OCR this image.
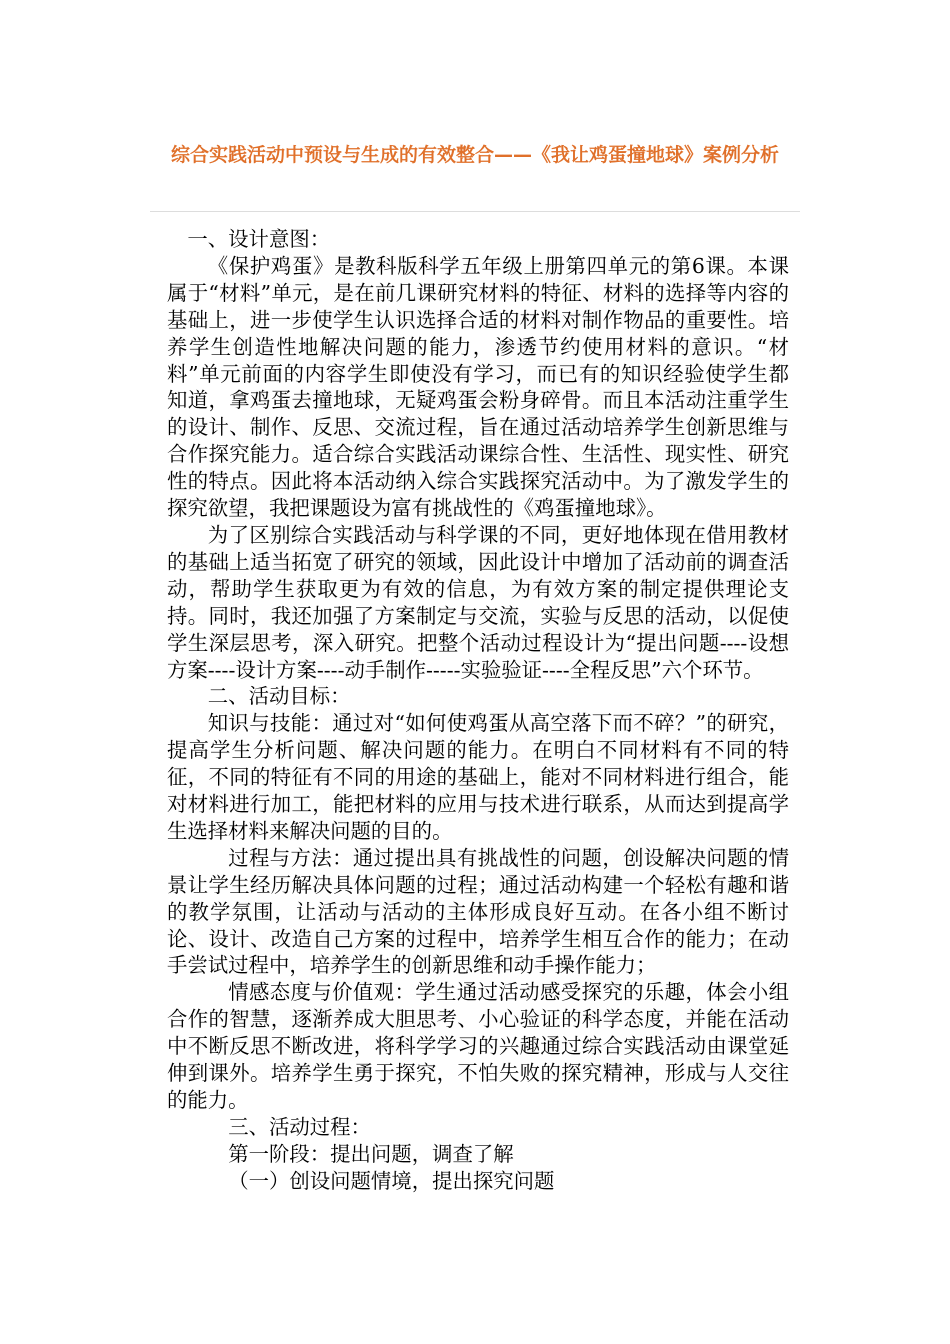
综合实践活动中预设与生成的有效整合——《我让鸡蛋撞地球》案例分析

一、设计意图：

《保护鸡蛋》是教科版科学五年级上册第四单元的第6课。本课属于“材料”单元，是在前几课研究材料的特征、材料的选择等内容的基础上，进一步使学生认识选择合适的材料对制作物品的重要性。培养学生创造性地解决问题的能力，渗透节约使用材料的意识。“材料”单元前面的内容学生即使没有学习，而已有的知识经验使学生都知道，拿鸡蛋去撞地球，无疑鸡蛋会粉身碎骨。而且本活动注重学生的设计、制作、反思、交流过程，旨在通过活动培养学生创新思维与合作探究能力。适合综合实践活动课综合性、生活性、现实性、研究性的特点。因此将本活动纳入综合实践探究活动中。为了激发学生的探究欲望，我把课题设为富有挑战性的《鸡蛋撞地球》。

为了区别综合实践活动与科学课的不同，更好地体现在借用教材的基础上适当拓宽了研究的领域，因此设计中增加了活动前的调查活动，帮助学生获取更为有效的信息，为有效方案的制定提供理论支持。同时，我还加强了方案制定与交流，实验与反思的活动，以促使学生深层思考，深入研究。把整个活动过程设计为“提出问题----设想方案----设计方案----动手制作-----实验验证----全程反思”六个环节。

二、活动目标：

知识与技能：通过对“如何使鸡蛋从高空落下而不碎？”的研究，提高学生分析问题、解决问题的能力。在明白不同材料有不同的特征，不同的特征有不同的用途的基础上，能对不同材料进行组合，能对材料进行加工，能把材料的应用与技术进行联系，从而达到提高学生选择材料来解决问题的目的。

过程与方法：通过提出具有挑战性的问题，创设解决问题的情景让学生经历解决具体问题的过程；通过活动构建一个轻松有趣和谐的教学氛围，让活动与活动的主体形成良好互动。在各小组不断讨论、设计、改造自己方案的过程中，培养学生相互合作的能力；在动手尝试过程中，培养学生的创新思维和动手操作能力；

情感态度与价值观：学生通过活动感受探究的乐趣，体会小组合作的智慧，逐渐养成大胆思考、小心验证的科学态度，并能在活动中不断反思不断改进，将科学学习的兴趣通过综合实践活动由课堂延伸到课外。培养学生勇于探究，不怕失败的探究精神，形成与人交往的能力。

三、活动过程：

第一阶段：提出问题，调查了解

（一）创设问题情境，提出探究问题
